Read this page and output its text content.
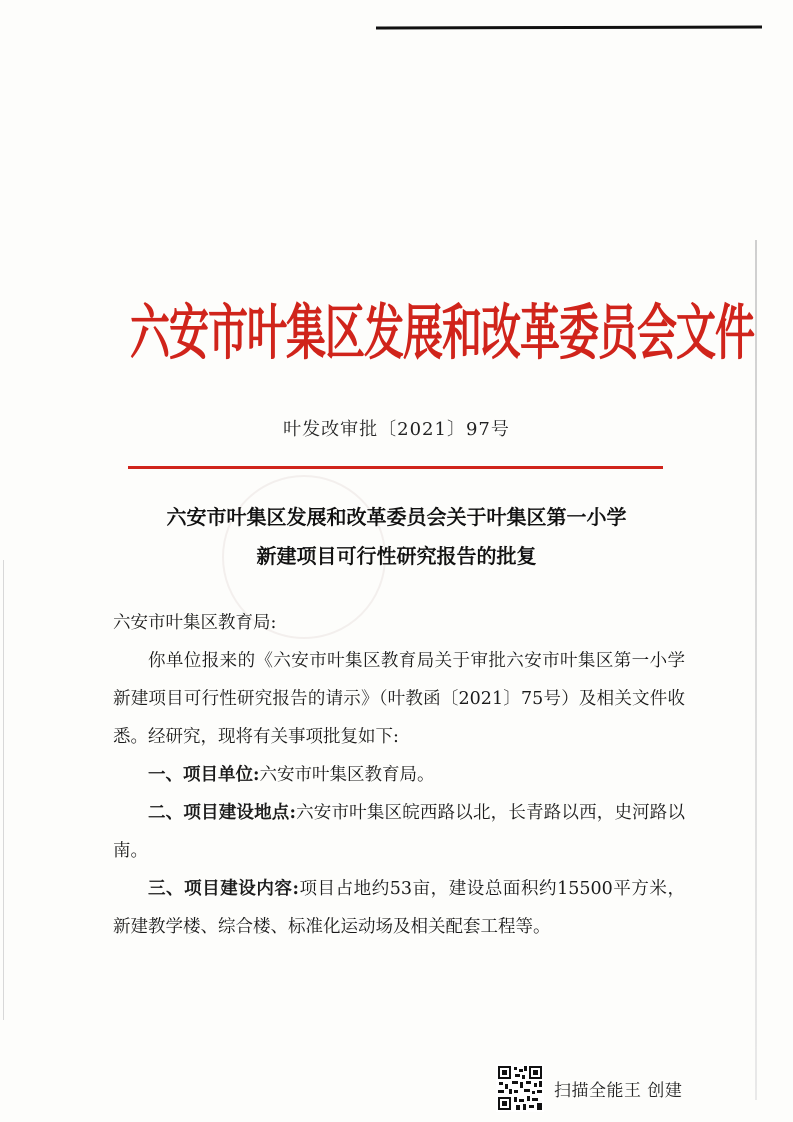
六安市叶集区发展和改革委员会文件
叶发改审批〔2021〕97号
六安市叶集区发展和改革委员会关于叶集区第一小学
新建项目可行性研究报告的批复

六安市叶集区教育局:

你单位报来的《六安市叶集区教育局关于审批六安市叶集区第一小学新建项目可行性研究报告的请示》（叶教函〔2021〕75号）及相关文件收悉。经研究，现将有关事项批复如下:

一、项目单位:六安市叶集区教育局。

二、项目建设地点:六安市叶集区皖西路以北，长青路以西，史河路以南。

三、项目建设内容:项目占地约53亩，建设总面积约15500平方米，新建教学楼、综合楼、标准化运动场及相关配套工程等。

扫描全能王 创建
